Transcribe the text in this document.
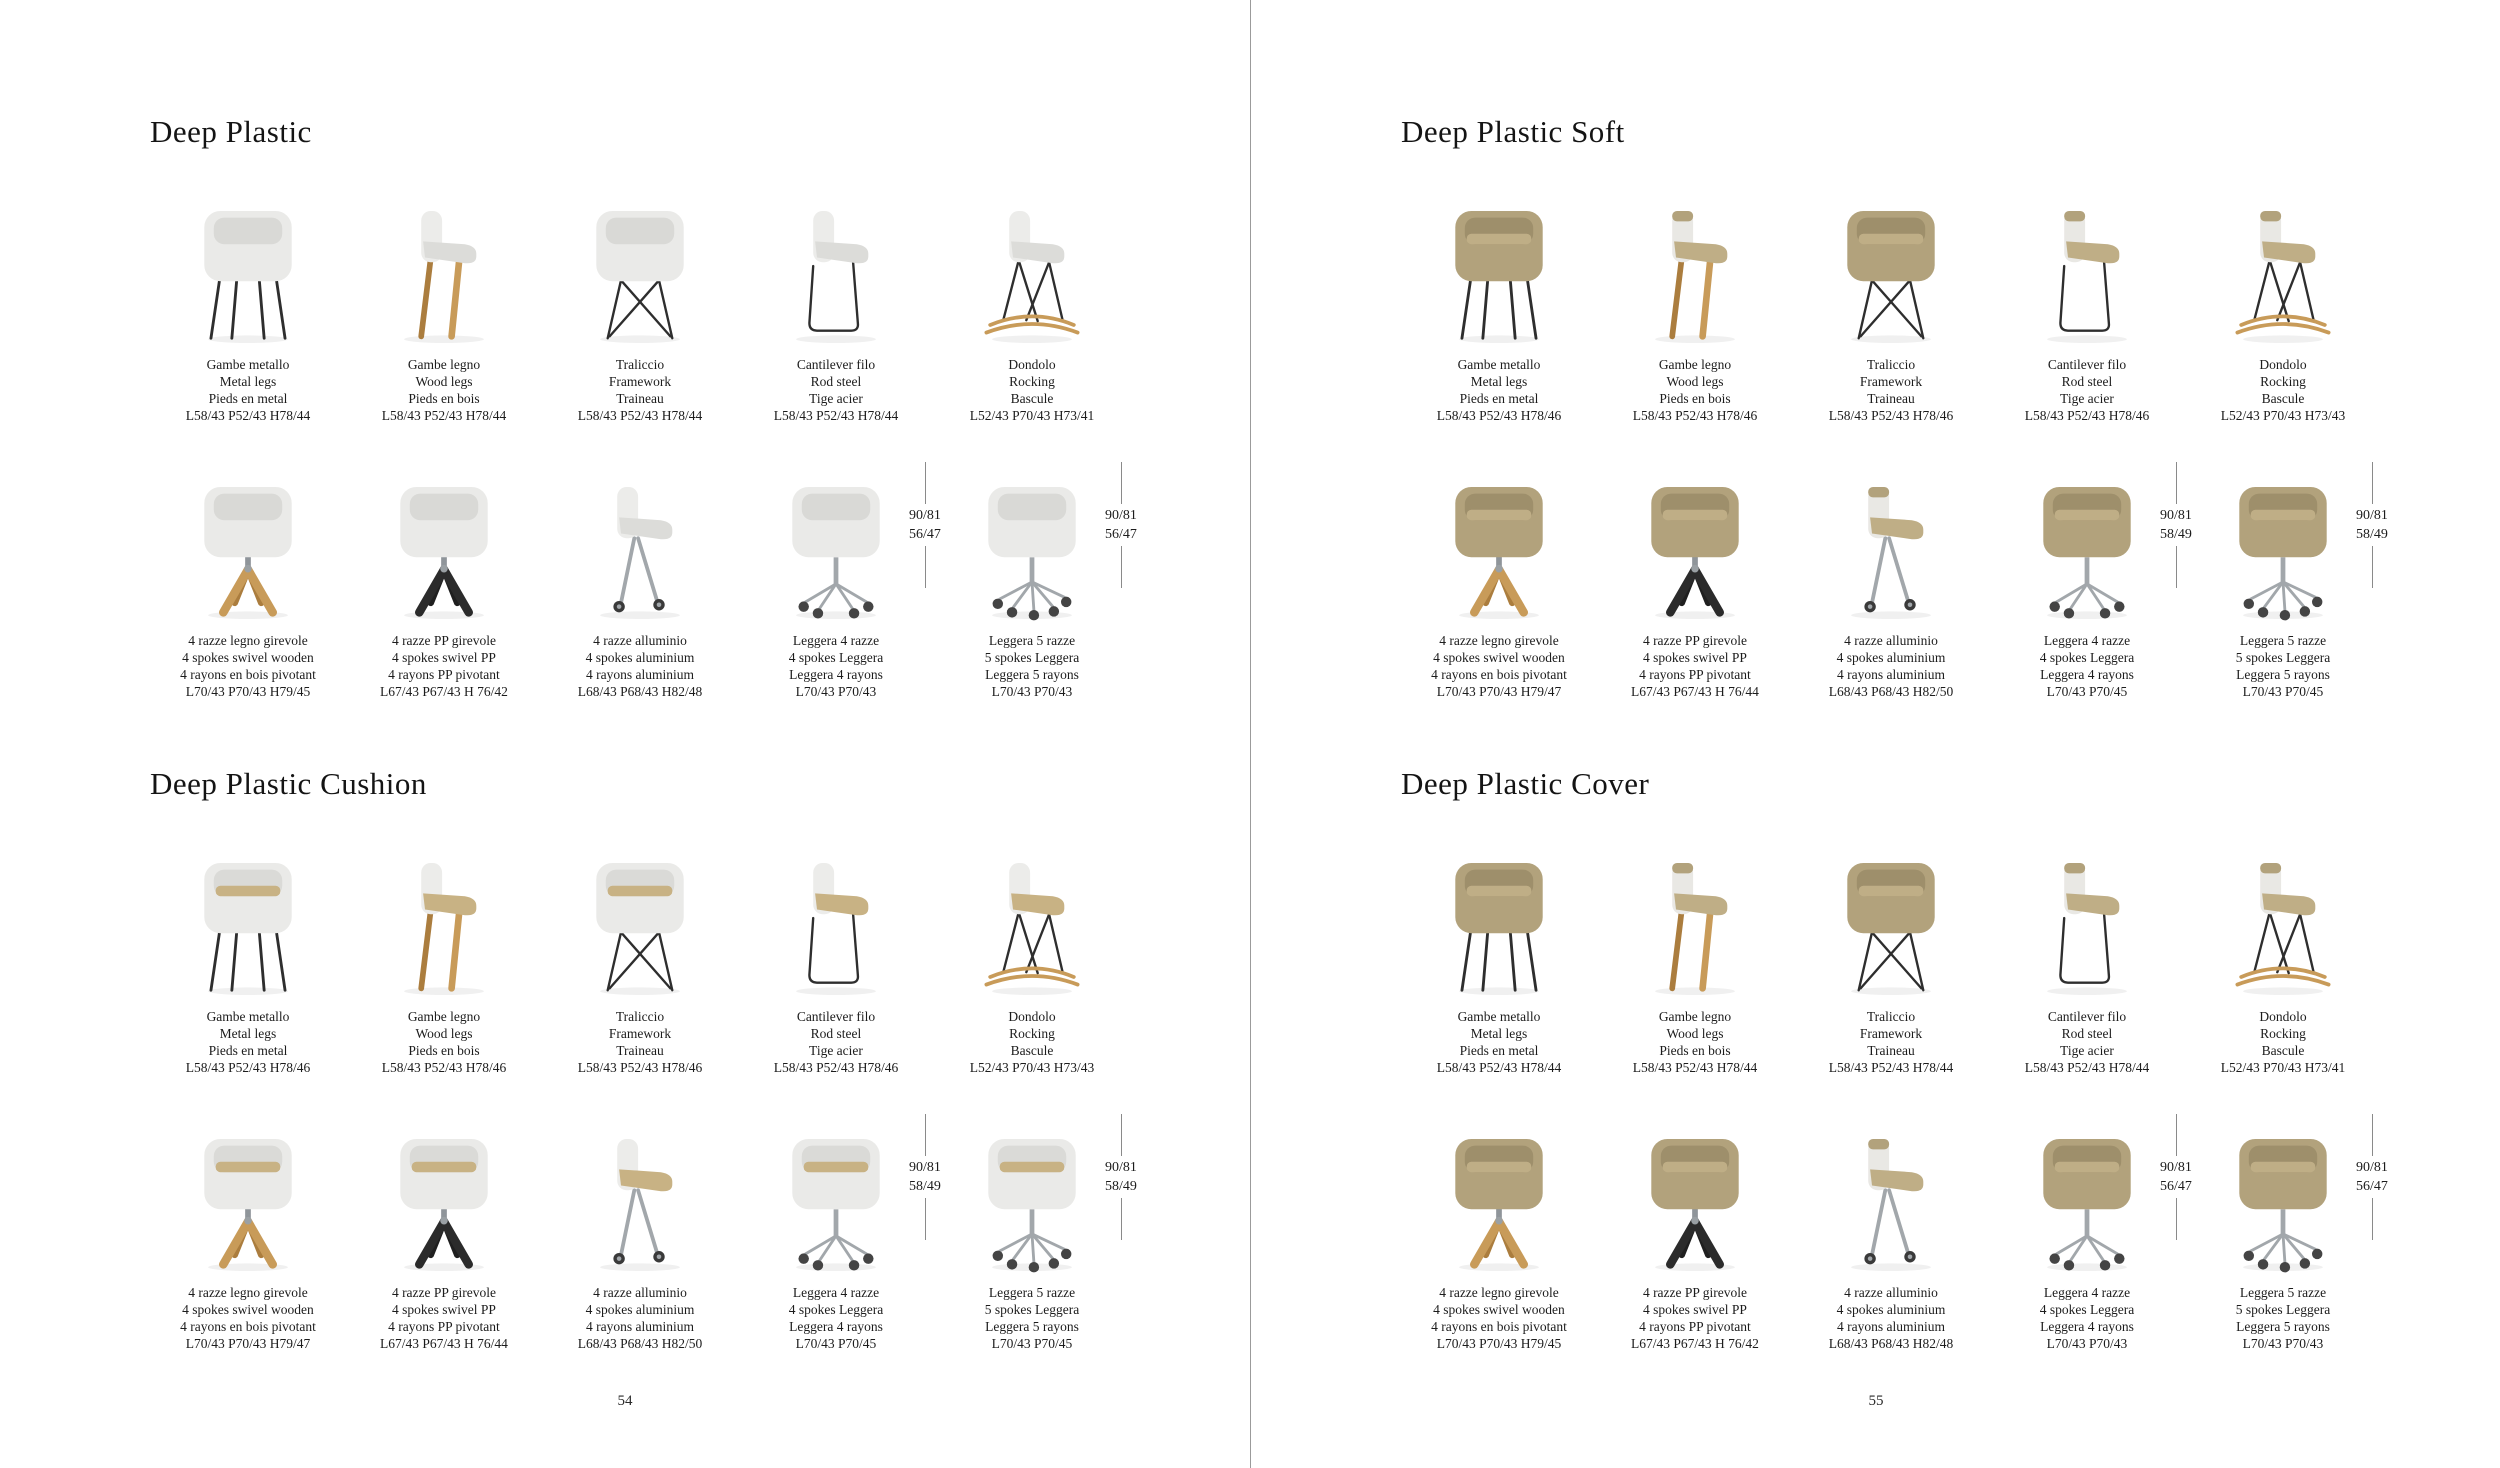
Deep Plastic
Gambe metallo
Metal legs
Pieds en metal
L58/43 P52/43 H78/44
Gambe legno
Wood legs
Pieds en bois
L58/43 P52/43 H78/44
Traliccio
Framework
Traineau
L58/43 P52/43 H78/44
Cantilever filo
Rod steel
Tige acier
L58/43 P52/43 H78/44
Dondolo
Rocking
Bascule
L52/43 P70/43 H73/41
4 razze legno girevole
4 spokes swivel wooden
4 rayons en bois pivotant
L70/43 P70/43 H79/45
4 razze PP girevole
4 spokes swivel PP
4 rayons PP pivotant
L67/43 P67/43 H 76/42
4 razze alluminio
4 spokes aluminium
4 rayons aluminium
L68/43 P68/43 H82/48
90/81
56/47
Leggera 4 razze
4 spokes Leggera
Leggera 4 rayons
L70/43 P70/43
90/81
56/47
Leggera 5 razze
5 spokes Leggera
Leggera 5 rayons
L70/43 P70/43
Deep Plastic Cushion
Gambe metallo
Metal legs
Pieds en metal
L58/43 P52/43 H78/46
Gambe legno
Wood legs
Pieds en bois
L58/43 P52/43 H78/46
Traliccio
Framework
Traineau
L58/43 P52/43 H78/46
Cantilever filo
Rod steel
Tige acier
L58/43 P52/43 H78/46
Dondolo
Rocking
Bascule
L52/43 P70/43 H73/43
4 razze legno girevole
4 spokes swivel wooden
4 rayons en bois pivotant
L70/43 P70/43 H79/47
4 razze PP girevole
4 spokes swivel PP
4 rayons PP pivotant
L67/43 P67/43 H 76/44
4 razze alluminio
4 spokes aluminium
4 rayons aluminium
L68/43 P68/43 H82/50
90/81
58/49
Leggera 4 razze
4 spokes Leggera
Leggera 4 rayons
L70/43 P70/45
90/81
58/49
Leggera 5 razze
5 spokes Leggera
Leggera 5 rayons
L70/43 P70/45
54
Deep Plastic Soft
Gambe metallo
Metal legs
Pieds en metal
L58/43 P52/43 H78/46
Gambe legno
Wood legs
Pieds en bois
L58/43 P52/43 H78/46
Traliccio
Framework
Traineau
L58/43 P52/43 H78/46
Cantilever filo
Rod steel
Tige acier
L58/43 P52/43 H78/46
Dondolo
Rocking
Bascule
L52/43 P70/43 H73/43
4 razze legno girevole
4 spokes swivel wooden
4 rayons en bois pivotant
L70/43 P70/43 H79/47
4 razze PP girevole
4 spokes swivel PP
4 rayons PP pivotant
L67/43 P67/43 H 76/44
4 razze alluminio
4 spokes aluminium
4 rayons aluminium
L68/43 P68/43 H82/50
90/81
58/49
Leggera 4 razze
4 spokes Leggera
Leggera 4 rayons
L70/43 P70/45
90/81
58/49
Leggera 5 razze
5 spokes Leggera
Leggera 5 rayons
L70/43 P70/45
Deep Plastic Cover
Gambe metallo
Metal legs
Pieds en metal
L58/43 P52/43 H78/44
Gambe legno
Wood legs
Pieds en bois
L58/43 P52/43 H78/44
Traliccio
Framework
Traineau
L58/43 P52/43 H78/44
Cantilever filo
Rod steel
Tige acier
L58/43 P52/43 H78/44
Dondolo
Rocking
Bascule
L52/43 P70/43 H73/41
4 razze legno girevole
4 spokes swivel wooden
4 rayons en bois pivotant
L70/43 P70/43 H79/45
4 razze PP girevole
4 spokes swivel PP
4 rayons PP pivotant
L67/43 P67/43 H 76/42
4 razze alluminio
4 spokes aluminium
4 rayons aluminium
L68/43 P68/43 H82/48
90/81
56/47
Leggera 4 razze
4 spokes Leggera
Leggera 4 rayons
L70/43 P70/43
90/81
56/47
Leggera 5 razze
5 spokes Leggera
Leggera 5 rayons
L70/43 P70/43
55
